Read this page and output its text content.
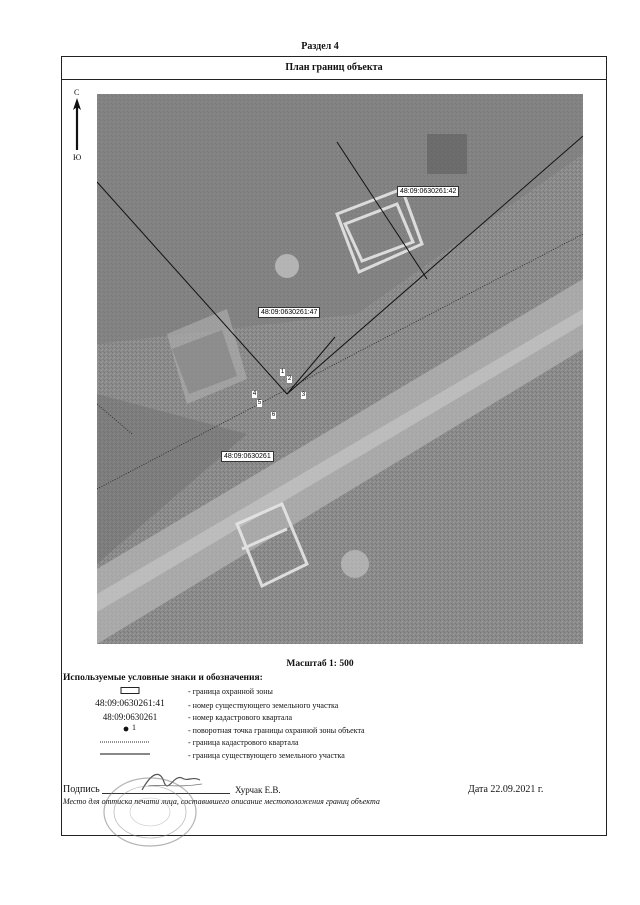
Раздел 4
План границ объекта
С
Ю
48:09:0630261:42
48:09:0630261:47
48:09:0630261
1
2
3
4
5
6
Масштаб 1: 500
Используемые условные знаки и обозначения:
- граница охранной зоны
48:09:0630261:41	- номер существующего земельного участка
48:09:0630261	- номер кадастрового квартала
1	- поворотная точка границы охранной зоны объекта
- граница кадастрового квартала
- граница существующего земельного участка
Подпись	Хурчак Е.В.	Дата 22.09.2021 г.
Место для оттиска печати лица, составившего описание местоположения границ объекта
